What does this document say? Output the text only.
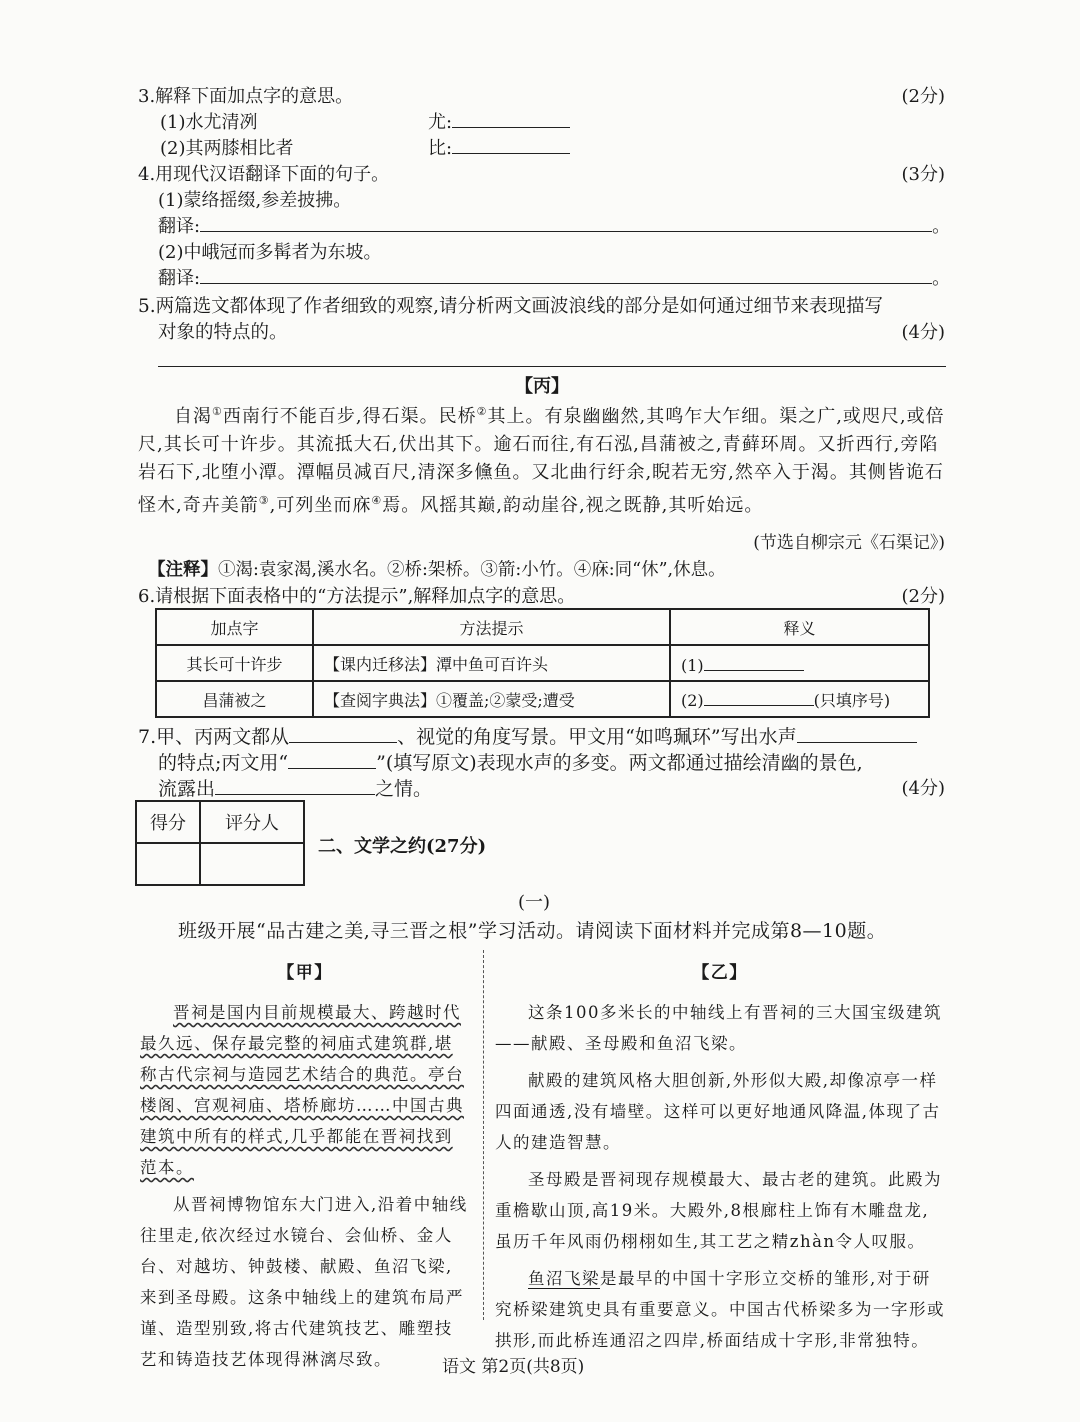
3.解释下面加点字的意思。	(2分)
(1)水尤清冽	尤:
(2)其两膝相比者	比:
4.用现代汉语翻译下面的句子。	(3分)
(1)蒙络摇缀,参差披拂。
翻译:	。
(2)中峨冠而多髯者为东坡。
翻译:	。
5.两篇选文都体现了作者细致的观察,请分析两文画波浪线的部分是如何通过细节来表现描写
对象的特点的。	(4分)
【丙】
自渴①西南行不能百步,得石渠。民桥②其上。有泉幽幽然,其鸣乍大乍细。渠之广,或咫尺,或倍尺,其长可十许步。其流抵大石,伏出其下。逾石而往,有石泓,昌蒲被之,青藓环周。又折西行,旁陷岩石下,北堕小潭。潭幅员减百尺,清深多儵鱼。又北曲行纡余,睨若无穷,然卒入于渴。其侧皆诡石怪木,奇卉美箭③,可列坐而庥④焉。风摇其巅,韵动崖谷,视之既静,其听始远。
(节选自柳宗元《石渠记》)
【注释】①渴:袁家渴,溪水名。②桥:架桥。③箭:小竹。④庥:同“休”,休息。
6.请根据下面表格中的“方法提示”,解释加点字的意思。	(2分)
加点字	方法提示	释义
其长可十许步	【课内迁移法】潭中鱼可百许头	(1)
昌蒲被之	【查阅字典法】①覆盖;②蒙受;遭受	(2) (只填序号)
7.甲、丙两文都从	、视觉的角度写景。甲文用“如鸣珮环”写出水声
的特点;丙文用“	”(填写原文)表现水声的多变。两文都通过描绘清幽的景色,
流露出	之情。	(4分)
得分	评分人

二、文学之约(27分)
(一)
班级开展“品古建之美,寻三晋之根”学习活动。请阅读下面材料并完成第8—10题。
【甲】

晋祠是国内目前规模最大、跨越时代最久远、保存最完整的祠庙式建筑群,堪称古代宗祠与造园艺术结合的典范。亭台楼阁、宫观祠庙、塔桥廊坊……中国古典建筑中所有的样式,几乎都能在晋祠找到范本。

从晋祠博物馆东大门进入,沿着中轴线往里走,依次经过水镜台、会仙桥、金人台、对越坊、钟鼓楼、献殿、鱼沼飞梁,来到圣母殿。这条中轴线上的建筑布局严谨、造型别致,将古代建筑技艺、雕塑技艺和铸造技艺体现得淋漓尽致。

【乙】

这条100多米长的中轴线上有晋祠的三大国宝级建筑——献殿、圣母殿和鱼沼飞梁。

献殿的建筑风格大胆创新,外形似大殿,却像凉亭一样四面通透,没有墙壁。这样可以更好地通风降温,体现了古人的建造智慧。

圣母殿是晋祠现存规模最大、最古老的建筑。此殿为重檐歇山顶,高19米。大殿外,8根廊柱上饰有木雕盘龙,虽历千年风雨仍栩栩如生,其工艺之精zhàn令人叹服。

鱼沼飞梁是最早的中国十字形立交桥的雏形,对于研究桥梁建筑史具有重要意义。中国古代桥梁多为一字形或拱形,而此桥连通沼之四岸,桥面结成十字形,非常独特。

语文 第2页(共8页)
